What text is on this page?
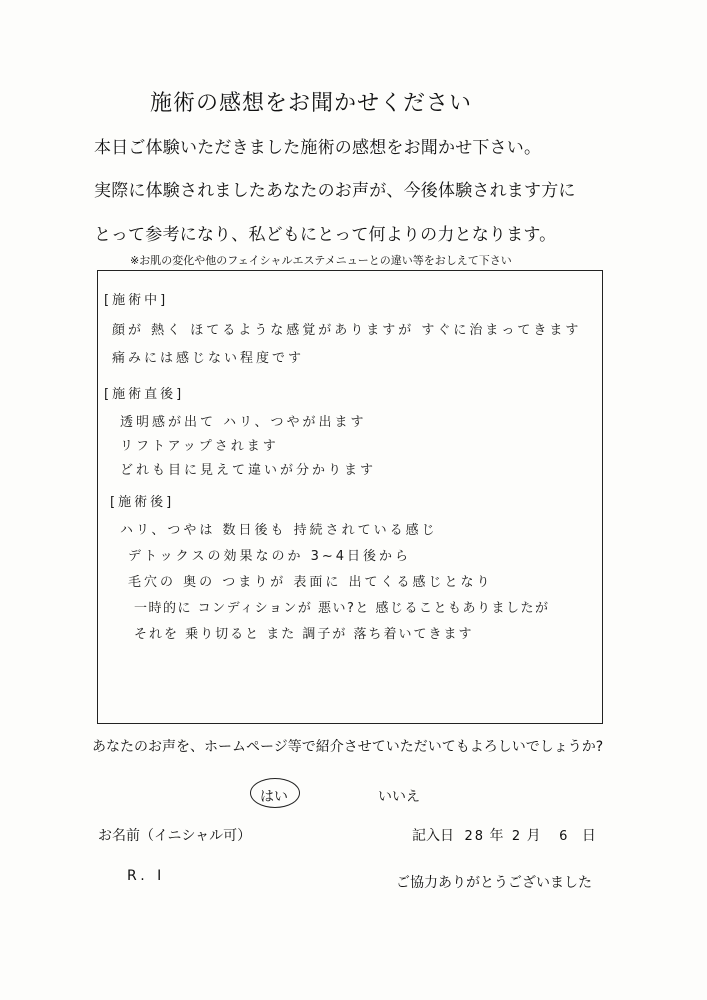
施術の感想をお聞かせください
本日ご体験いただきました施術の感想をお聞かせ下さい。
実際に体験されましたあなたのお声が、今後体験されます方に
とって参考になり、私どもにとって何よりの力となります。
※お肌の変化や他のフェイシャルエステメニューとの違い等をおしえて下さい
[施術中]
顔が 熱く ほてるような感覚がありますが すぐに治まってきます
痛みには感じない程度です
[施術直後]
透明感が出て ハリ、つやが出ます
リフトアップされます
どれも目に見えて違いが分かります
[施術後]
ハリ、つやは 数日後も 持続されている感じ
デトックスの効果なのか 3~4日後から
毛穴の 奥の つまりが 表面に 出てくる感じとなり
一時的に コンディションが 悪い?と 感じることもありましたが
それを 乗り切ると また 調子が 落ち着いてきます
あなたのお声を、ホームページ等で紹介させていただいてもよろしいでしょうか?
はい	いいえ
お名前（イニシャル可）	記入日 28 年 2 月 6 日
R. I	ご協力ありがとうございました
